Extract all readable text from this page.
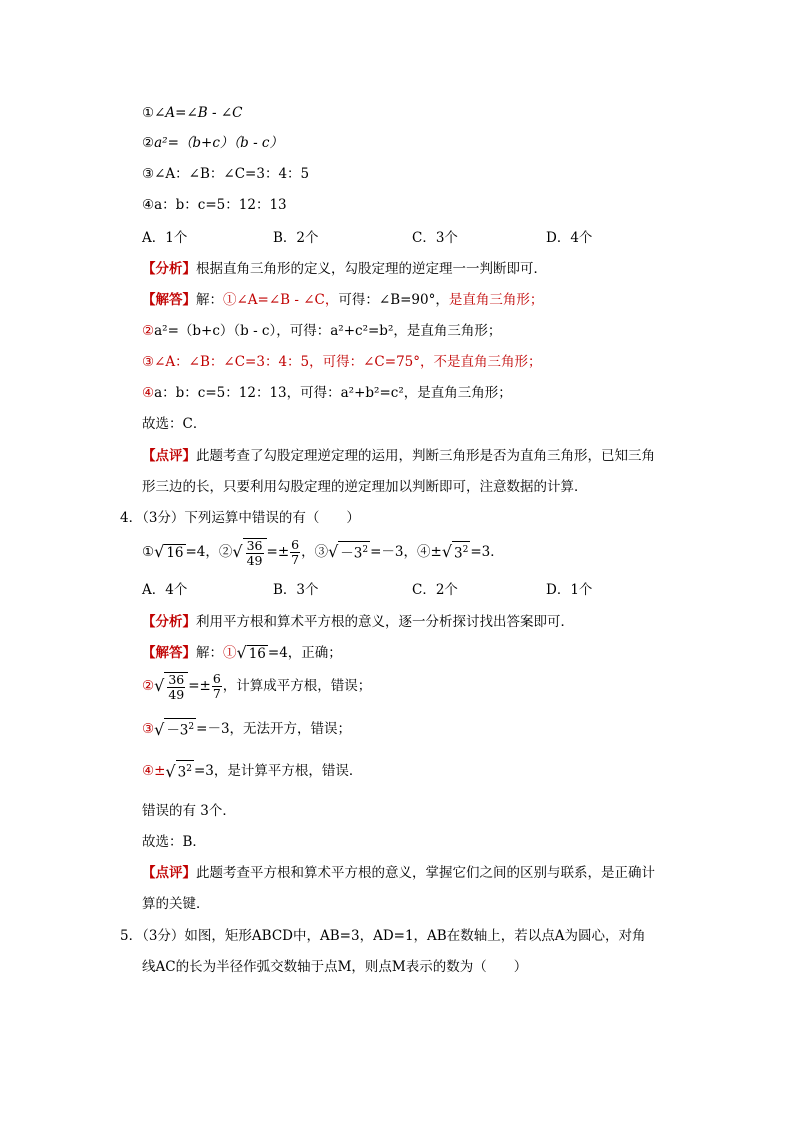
①∠A=∠B - ∠C
②a²=（b+c）（b - c）
③∠A：∠B：∠C=3：4：5
④a：b：c=5：12：13
A．1个	B．2个	C．3个	D．4个
【分析】根据直角三角形的定义，勾股定理的逆定理一一判断即可．
【解答】解：①∠A=∠B - ∠C，可得：∠B=90°，是直角三角形；
②a²=（b+c）（b - c），可得：a²+c²=b²，是直角三角形；
③∠A：∠B：∠C=3：4：5，可得：∠C=75°，不是直角三角形；
④a：b：c=5：12：13，可得：a²+b²=c²，是直角三角形；
故选：C．
【点评】此题考查了勾股定理逆定理的运用，判断三角形是否为直角三角形，已知三角
形三边的长，只要利用勾股定理的逆定理加以判断即可，注意数据的计算．
4．（3分）下列运算中错误的有（　　）
①√ 16 =4，②√ $\frac{36}{49} =\pm \frac{6}{7}$ ，③√ $-3^2 =-3$，④±√ $3^2 =3$．
A．4个	B．3个	C．2个	D．1个
【分析】利用平方根和算术平方根的意义，逐一分析探讨找出答案即可．
【解答】解：①√ 16 =4，正确；
②√ $\frac{36}{49} =\pm \frac{6}{7}$ ，计算成平方根，错误；
③√ $-3^2 =-3$，无法开方，错误；
④±√ $3^2 =3$，是计算平方根，错误．
错误的有 3个．
故选：B．
【点评】此题考查平方根和算术平方根的意义，掌握它们之间的区别与联系，是正确计
算的关键．
5．（3分）如图，矩形ABCD中，AB=3，AD=1，AB在数轴上，若以点A为圆心，对角
线AC的长为半径作弧交数轴于点M，则点M表示的数为（　　）
